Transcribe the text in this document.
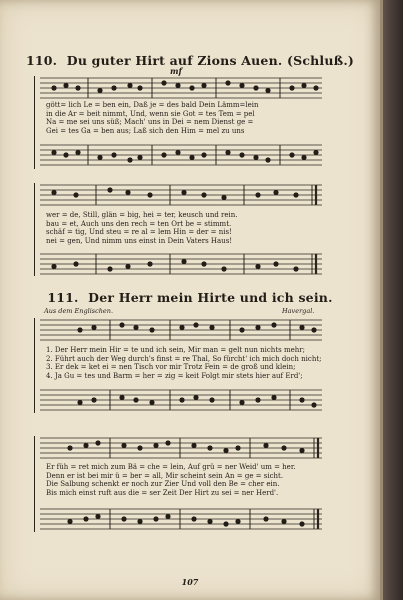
110. Du guter Hirt auf Zions Auen. (Schluß.)
mf
gött= lich Le = ben ein, Daß je = des bald Dein Lämm=lein
in die Ar = beit nimmt, Und, wenn sie Got = tes Tem = pel
Na = me sei uns süß; Mach' uns in Dei = nem Dienst ge =
Gei = tes Ga = ben aus; Laß sich den Him = mel zu uns
wer = de, Still, glän = big, hei = ter, keusch und rein.
bau = et, Auch uns den rech = ten Ort be = stimmt.
schäf = tig, Und steu = re al = lem Hin = der = nis!
nei = gen, Und nimm uns einst in Dein Vaters Haus!
111. Der Herr mein Hirte und ich sein.
Aus dem Englischen.	Havergal.
1. Der Herr mein Hir = te und ich sein, Mir man = gelt nun nichts mehr;
2. Führt auch der Weg durch's finst = re Thal, So fürcht' ich mich doch nicht;
3. Er dek = ket ei = nen Tisch vor mir Trotz Fein = de groß und klein;
4. Ja Gu = tes und Barm = her = zig = keit Folgt mir stets hier auf Erd';
Er füh = ret mich zum Bä = che = lein, Auf grü = ner Weid' um = her.
Denn er ist bei mir ü = ber = all, Mir scheint sein An = ge = sicht.
Die Salbung schenkt er noch zur Zier Und voll den Be = cher ein.
Bis mich einst ruft aus die = ser Zeit Der Hirt zu sei = ner Herd'.
107
